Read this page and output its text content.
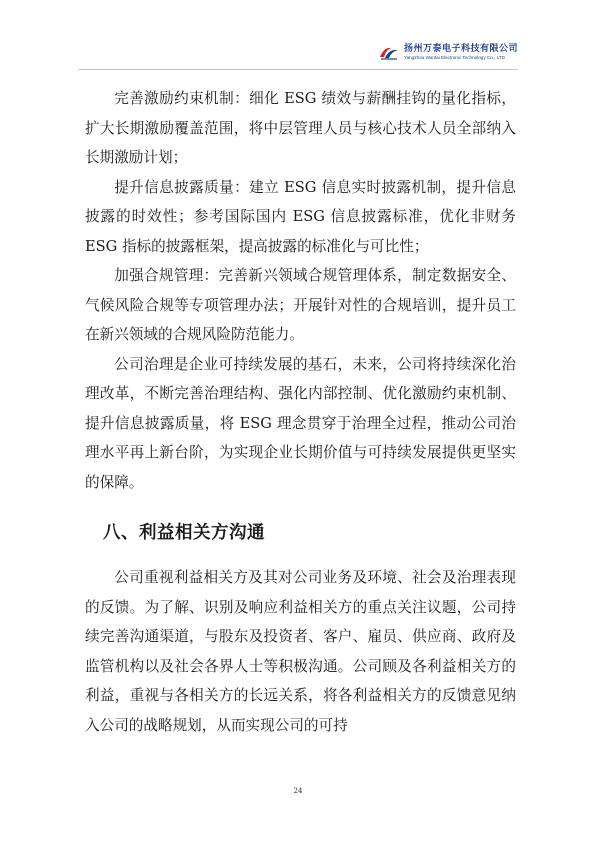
扬州万泰电子科技有限公司
Yangzhou Wantai Electronic Technology Co., LTD

完善激励约束机制：细化 ESG 绩效与薪酬挂钩的量化指标，扩大长期激励覆盖范围，将中层管理人员与核心技术人员全部纳入长期激励计划；

提升信息披露质量：建立 ESG 信息实时披露机制，提升信息披露的时效性；参考国际国内 ESG 信息披露标准，优化非财务 ESG 指标的披露框架，提高披露的标准化与可比性；

加强合规管理：完善新兴领域合规管理体系，制定数据安全、气候风险合规等专项管理办法；开展针对性的合规培训，提升员工在新兴领域的合规风险防范能力。

公司治理是企业可持续发展的基石，未来，公司将持续深化治理改革，不断完善治理结构、强化内部控制、优化激励约束机制、提升信息披露质量，将 ESG 理念贯穿于治理全过程，推动公司治理水平再上新台阶，为实现企业长期价值与可持续发展提供更坚实的保障。

八、利益相关方沟通

公司重视利益相关方及其对公司业务及环境、社会及治理表现的反馈。为了解、识别及响应利益相关方的重点关注议题，公司持续完善沟通渠道，与股东及投资者、客户、雇员、供应商、政府及监管机构以及社会各界人士等积极沟通。公司顾及各利益相关方的利益，重视与各相关方的长远关系，将各利益相关方的反馈意见纳入公司的战略规划，从而实现公司的可持

24
